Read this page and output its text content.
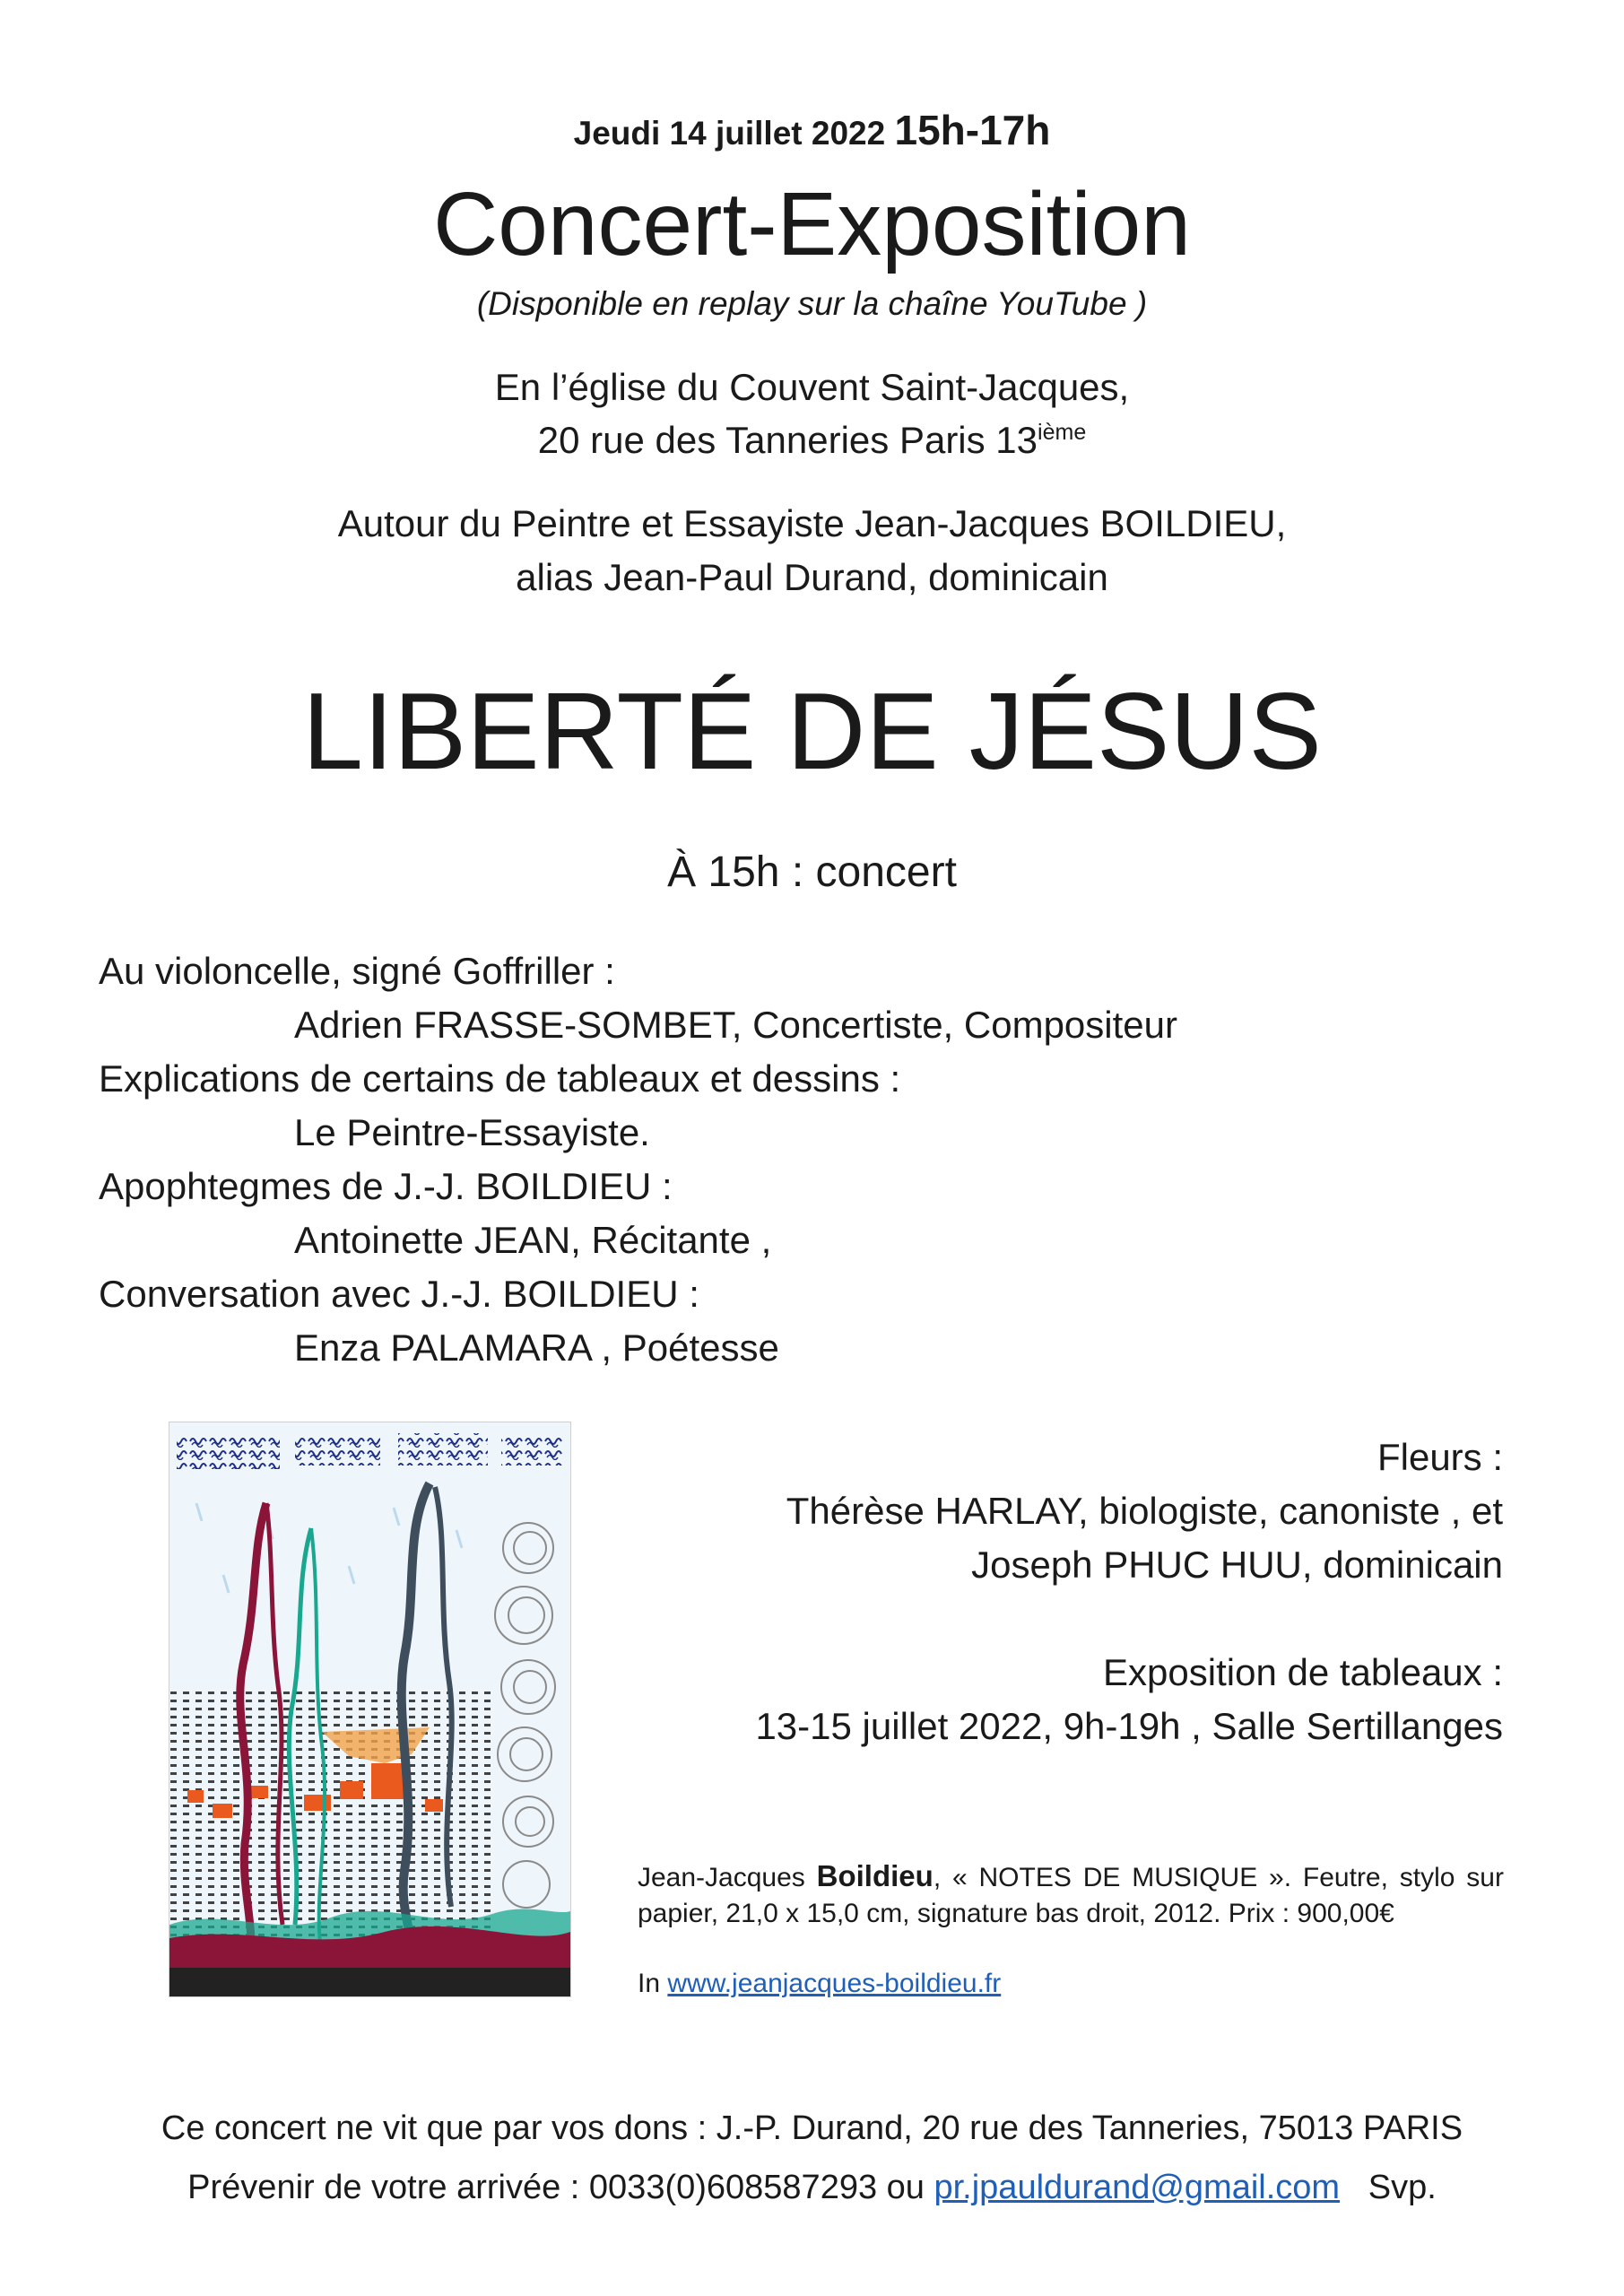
Jeudi 14 juillet 2022 15h-17h
Concert-Exposition
(Disponible en replay sur la chaîne YouTube )
En l’église du Couvent Saint-Jacques,
20 rue des Tanneries Paris 13ième
Autour du Peintre et Essayiste Jean-Jacques BOILDIEU,
alias Jean-Paul Durand, dominicain
LIBERTÉ DE JÉSUS
À 15h : concert
Au violoncelle, signé Goffriller :
Adrien FRASSE-SOMBET, Concertiste, Compositeur
Explications de certains de tableaux et dessins :
Le Peintre-Essayiste.
Apophtegmes de J.-J. BOILDIEU :
Antoinette JEAN, Récitante ,
Conversation avec J.-J. BOILDIEU :
Enza PALAMARA , Poétesse
Fleurs :
Thérèse HARLAY, biologiste, canoniste , et
Joseph PHUC HUU, dominicain
Exposition de tableaux :
13-15 juillet 2022, 9h-19h , Salle Sertillanges
Jean-Jacques Boildieu, « NOTES DE MUSIQUE ». Feutre, stylo sur papier, 21,0 x 15,0 cm, signature bas droit, 2012. Prix : 900,00€
In www.jeanjacques-boildieu.fr
Ce concert ne vit que par vos dons : J.-P. Durand, 20 rue des Tanneries, 75013 PARIS
Prévenir de votre arrivée : 0033(0)608587293 ou pr.jpauldurand@gmail.com Svp.
